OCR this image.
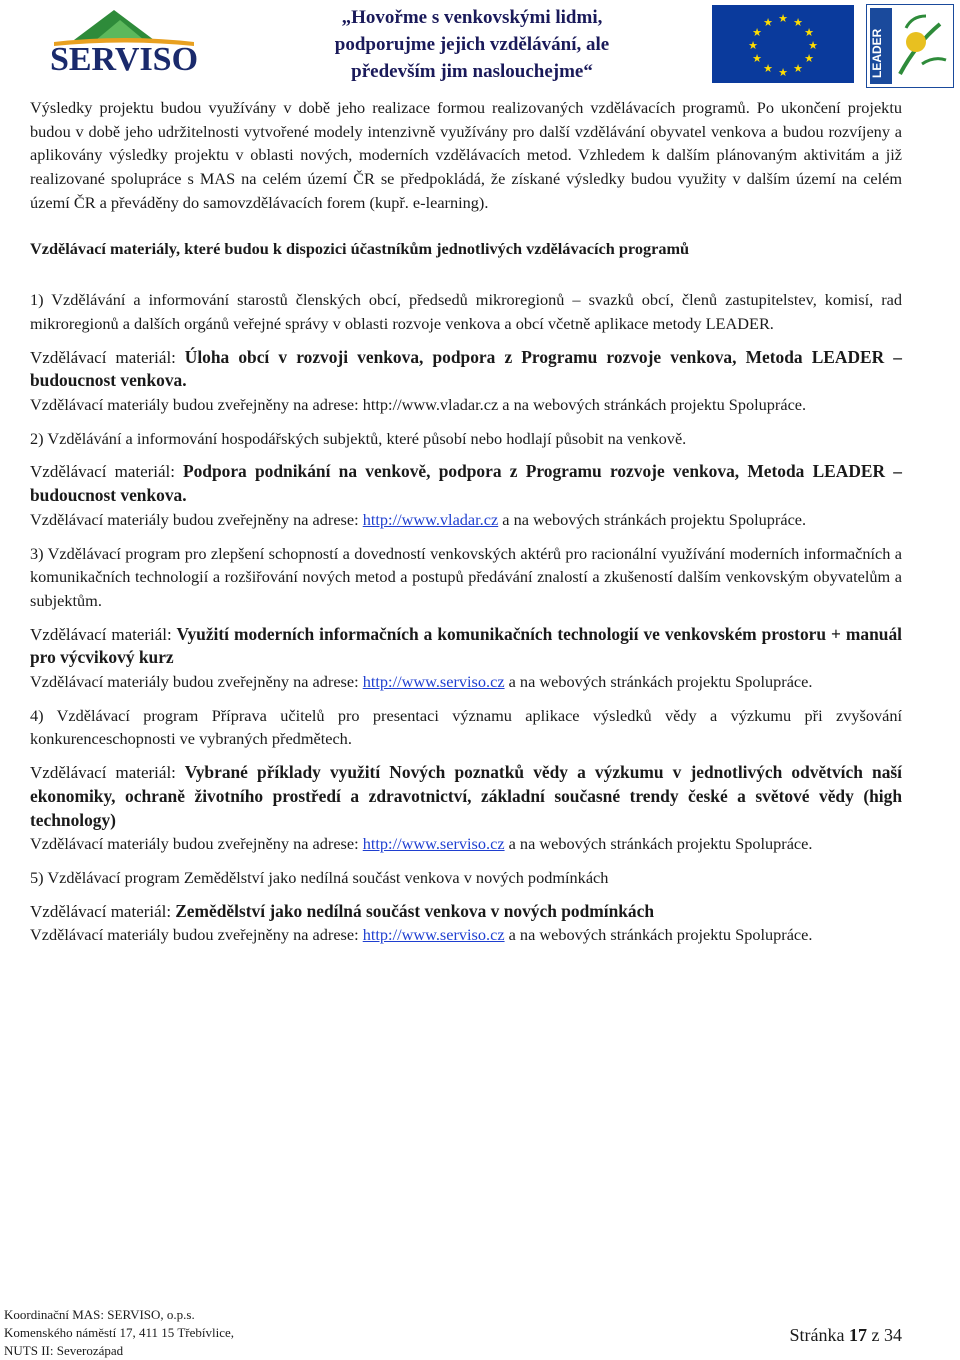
SERVISO
„Hovořme s venkovskými lidmi,
podporujme jejich vzdělávání, ale
především jim naslouchejme“
★ ★
★
★
★
★
★
★
★
★
★
★
LEADER

Výsledky projektu budou využívány v době jeho realizace formou realizovaných vzdělávacích programů. Po ukončení projektu budou v době jeho udržitelnosti vytvořené modely intenzivně využívány pro další vzdělávání obyvatel venkova a budou rozvíjeny a aplikovány výsledky projektu v oblasti nových, moderních vzdělávacích metod. Vzhledem k dalším plánovaným aktivitám a již realizované spolupráce s MAS na celém území ČR se předpokládá, že získané výsledky budou využity v dalším území na celém území ČR a převáděny do samovzdělávacích forem (kupř. e-learning).

Vzdělávací materiály, které budou k dispozici účastníkům jednotlivých vzdělávacích programů

1) Vzdělávání a informování starostů členských obcí, předsedů mikroregionů – svazků obcí, členů zastupitelstev, komisí, rad mikroregionů a dalších orgánů veřejné správy v oblasti rozvoje venkova a obcí včetně aplikace metody LEADER.

Vzdělávací materiál: Úloha obcí v rozvoji venkova, podpora z Programu rozvoje venkova, Metoda LEADER – budoucnost venkova.

Vzdělávací materiály budou zveřejněny na adrese: http://www.vladar.cz a na webových stránkách projektu Spolupráce.

2) Vzdělávání a informování hospodářských subjektů, které působí nebo hodlají působit na venkově.

Vzdělávací materiál: Podpora podnikání na venkově, podpora z Programu rozvoje venkova, Metoda LEADER – budoucnost venkova.

Vzdělávací materiály budou zveřejněny na adrese: http://www.vladar.cz a na webových stránkách projektu Spolupráce.

3) Vzdělávací program pro zlepšení schopností a dovedností venkovských aktérů pro racionální využívání moderních informačních a komunikačních technologií a rozšiřování nových metod a postupů předávání znalostí a zkušeností dalším venkovským obyvatelům a subjektům.

Vzdělávací materiál: Využití moderních informačních a komunikačních technologií ve venkovském prostoru + manuál pro výcvikový kurz

Vzdělávací materiály budou zveřejněny na adrese: http://www.serviso.cz a na webových stránkách projektu Spolupráce.

4) Vzdělávací program Příprava učitelů pro presentaci významu aplikace výsledků vědy a výzkumu při zvyšování konkurenceschopnosti ve vybraných předmětech.

Vzdělávací materiál: Vybrané příklady využití Nových poznatků vědy a výzkumu v jednotlivých odvětvích naší ekonomiky, ochraně životního prostředí a zdravotnictví, základní současné trendy české a světové vědy (high technology)

Vzdělávací materiály budou zveřejněny na adrese: http://www.serviso.cz a na webových stránkách projektu Spolupráce.

5) Vzdělávací program Zemědělství jako nedílná součást venkova v nových podmínkách

Vzdělávací materiál: Zemědělství jako nedílná součást venkova v nových podmínkách

Vzdělávací materiály budou zveřejněny na adrese: http://www.serviso.cz a na webových stránkách projektu Spolupráce.

Koordinační MAS: SERVISO, o.p.s.
Komenského náměstí 17, 411 15 Třebívlice,
NUTS II: Severozápad
Stránka 17 z 34
